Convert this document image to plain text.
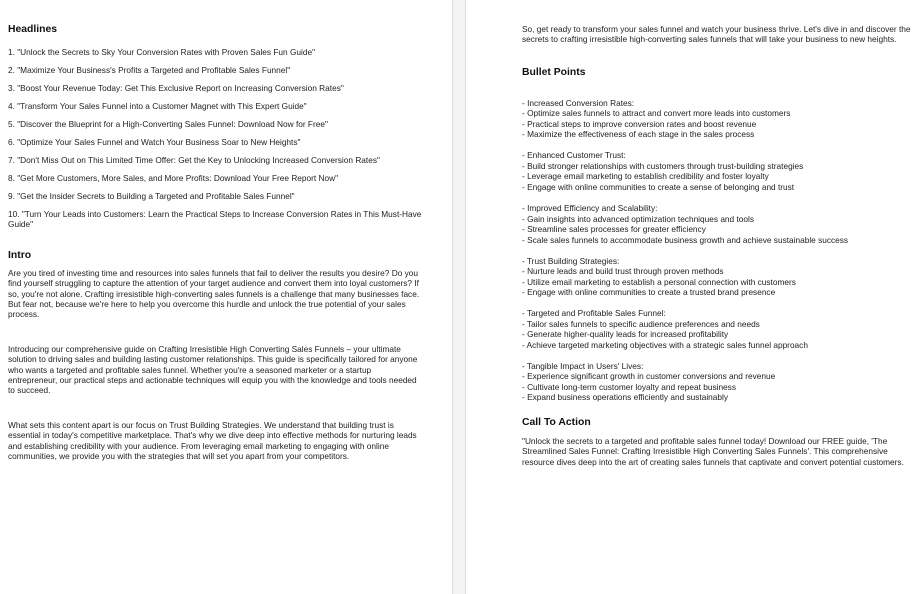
Headlines
1. "Unlock the Secrets to Sky Your Conversion Rates with Proven Sales Fun Guide"
2. "Maximize Your Business's Profits a Targeted and Profitable Sales Funnel"
3. "Boost Your Revenue Today: Get This Exclusive Report on Increasing Conversion Rates"
4. "Transform Your Sales Funnel into a Customer Magnet with This Expert Guide"
5. "Discover the Blueprint for a High-Converting Sales Funnel: Download Now for Free"
6. "Optimize Your Sales Funnel and Watch Your Business Soar to New Heights"
7. "Don't Miss Out on This Limited Time Offer: Get the Key to Unlocking Increased Conversion Rates"
8. "Get More Customers, More Sales, and More Profits: Download Your Free Report Now"
9. "Get the Insider Secrets to Building a Targeted and Profitable Sales Funnel"
10. "Turn Your Leads into Customers: Learn the Practical Steps to Increase Conversion Rates in This Must-Have Guide"
Intro

Are you tired of investing time and resources into sales funnels that fail to deliver the results you desire? Do you find yourself struggling to capture the attention of your target audience and convert them into loyal customers? If so, you're not alone. Crafting irresistible high-converting sales funnels is a challenge that many businesses face. But fear not, because we're here to help you overcome this hurdle and unlock the true potential of your sales process.

Introducing our comprehensive guide on Crafting Irresistible High Converting Sales Funnels – your ultimate solution to driving sales and building lasting customer relationships. This guide is specifically tailored for anyone who wants a targeted and profitable sales funnel. Whether you're a seasoned marketer or a startup entrepreneur, our practical steps and actionable techniques will equip you with the knowledge and tools needed to succeed.

What sets this content apart is our focus on Trust Building Strategies. We understand that building trust is essential in today's competitive marketplace. That's why we dive deep into effective methods for nurturing leads and establishing credibility with your audience. From leveraging email marketing to engaging with online communities, we provide you with the strategies that will set you apart from your competitors.

So, get ready to transform your sales funnel and watch your business thrive. Let's dive in and discover the secrets to crafting irresistible high-converting sales funnels that will take your business to new heights.

Bullet Points
- Increased Conversion Rates:
- Optimize sales funnels to attract and convert more leads into customers
- Practical steps to improve conversion rates and boost revenue
- Maximize the effectiveness of each stage in the sales process
- Enhanced Customer Trust:
- Build stronger relationships with customers through trust-building strategies
- Leverage email marketing to establish credibility and foster loyalty
- Engage with online communities to create a sense of belonging and trust
- Improved Efficiency and Scalability:
- Gain insights into advanced optimization techniques and tools
- Streamline sales processes for greater efficiency
- Scale sales funnels to accommodate business growth and achieve sustainable success
- Trust Building Strategies:
- Nurture leads and build trust through proven methods
- Utilize email marketing to establish a personal connection with customers
- Engage with online communities to create a trusted brand presence
- Targeted and Profitable Sales Funnel:
- Tailor sales funnels to specific audience preferences and needs
- Generate higher-quality leads for increased profitability
- Achieve targeted marketing objectives with a strategic sales funnel approach
- Tangible Impact in Users' Lives:
- Experience significant growth in customer conversions and revenue
- Cultivate long-term customer loyalty and repeat business
- Expand business operations efficiently and sustainably
Call To Action

"Unlock the secrets to a targeted and profitable sales funnel today! Download our FREE guide, 'The Streamlined Sales Funnel: Crafting Irresistible High Converting Sales Funnels'. This comprehensive resource dives deep into the art of creating sales funnels that captivate and convert potential customers.
